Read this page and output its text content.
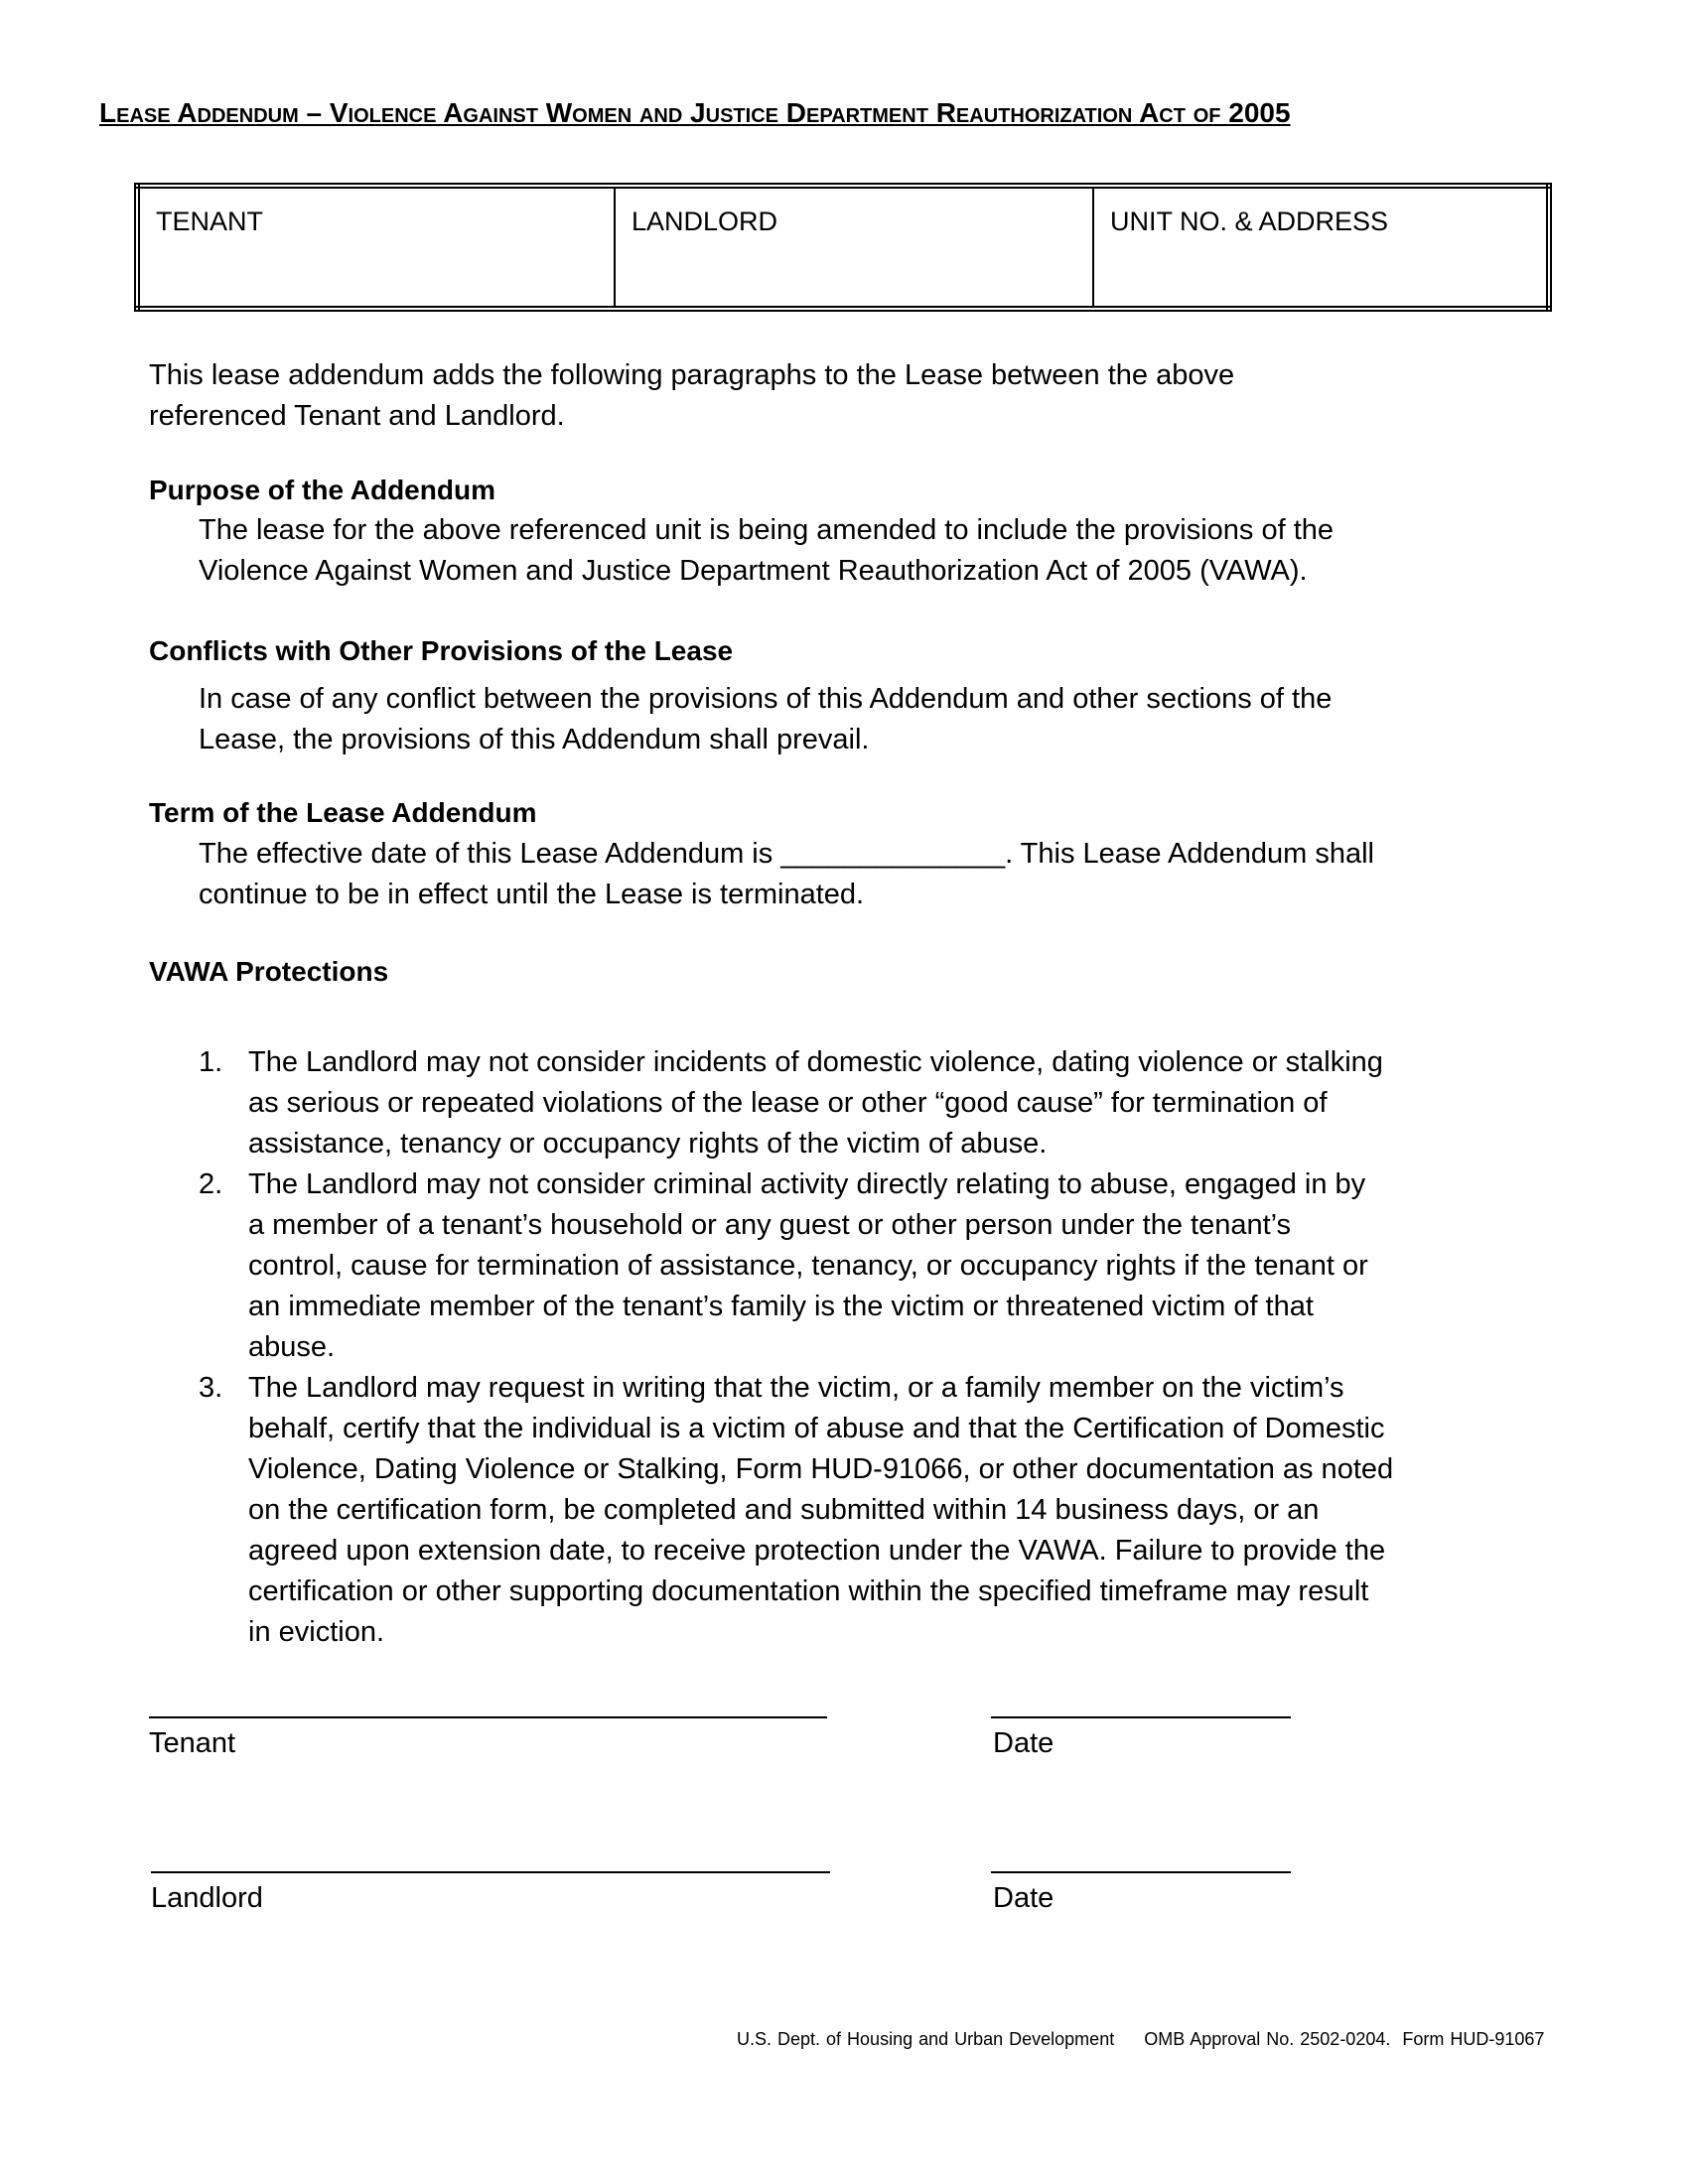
Lease Addendum – Violence Against Women and Justice Department Reauthorization Act of 2005
TENANT	LANDLORD	UNIT NO. & ADDRESS
This lease addendum adds the following paragraphs to the Lease between the above
referenced Tenant and Landlord.
Purpose of the Addendum
The lease for the above referenced unit is being amended to include the provisions of the
Violence Against Women and Justice Department Reauthorization Act of 2005 (VAWA).
Conflicts with Other Provisions of the Lease
In case of any conflict between the provisions of this Addendum and other sections of the
Lease, the provisions of this Addendum shall prevail.
Term of the Lease Addendum
The effective date of this Lease Addendum is ______________. This Lease Addendum shall
continue to be in effect until the Lease is terminated.
VAWA Protections
1. The Landlord may not consider incidents of domestic violence, dating violence or stalking
as serious or repeated violations of the lease or other “good cause” for termination of
assistance, tenancy or occupancy rights of the victim of abuse.
2. The Landlord may not consider criminal activity directly relating to abuse, engaged in by
a member of a tenant’s household or any guest or other person under the tenant’s
control, cause for termination of assistance, tenancy, or occupancy rights if the tenant or
an immediate member of the tenant’s family is the victim or threatened victim of that
abuse.
3. The Landlord may request in writing that the victim, or a family member on the victim’s
behalf, certify that the individual is a victim of abuse and that the Certification of Domestic
Violence, Dating Violence or Stalking, Form HUD-91066, or other documentation as noted
on the certification form, be completed and submitted within 14 business days, or an
agreed upon extension date, to receive protection under the VAWA. Failure to provide the
certification or other supporting documentation within the specified timeframe may result
in eviction.
Tenant	Date
Landlord	Date
U.S. Dept. of Housing and Urban Development     OMB Approval No. 2502-0204.  Form HUD-91067
